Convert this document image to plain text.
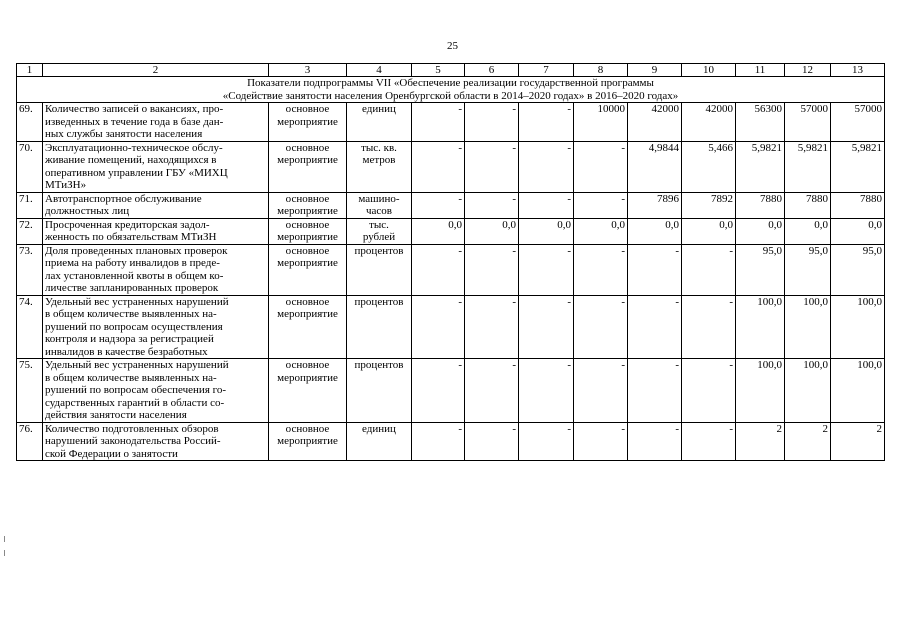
25
1	2	3	4	5	6	7	8	9	10	11	12	13

Показатели подпрограммы VII «Обеспечение реализации государственной программы
«Содействие занятости населения Оренбургской области в 2014–2020 годах» в 2016–2020 годах»												

69.	Количество записей о вакансиях, про-
изведенных в течение года в базе дан-
ных службы занятости населения	основное
мероприятие	единиц	-	-	-	10000	42000	42000	56300	57000	57000
70.	Эксплуатационно-техническое обслу-
живание помещений, находящихся в
оперативном управлении ГБУ «МИХЦ
МТиЗН»	основное
мероприятие	тыс. кв.
метров	-	-	-	-	4,9844	5,466	5,9821	5,9821	5,9821
71.	Автотранспортное обслуживание
должностных лиц	основное
мероприятие	машино-
часов	-	-	-	-	7896	7892	7880	7880	7880
72.	Просроченная кредиторская задол-
женность по обязательствам МТиЗН	основное
мероприятие	тыс.
рублей	0,0	0,0	0,0	0,0	0,0	0,0	0,0	0,0	0,0
73.	Доля проведенных плановых проверок
приема на работу инвалидов в преде-
лах установленной квоты в общем ко-
личестве запланированных проверок	основное
мероприятие	процентов	-	-	-	-	-	-	95,0	95,0	95,0
74.	Удельный вес устраненных нарушений
в общем количестве выявленных на-
рушений по вопросам осуществления
контроля и надзора за регистрацией
инвалидов в качестве безработных	основное
мероприятие	процентов	-	-	-	-	-	-	100,0	100,0	100,0
75.	Удельный вес устраненных нарушений
в общем количестве выявленных на-
рушений по вопросам обеспечения го-
сударственных гарантий в области со-
действия занятости населения	основное
мероприятие	процентов	-	-	-	-	-	-	100,0	100,0	100,0
76.	Количество подготовленных обзоров
нарушений законодательства Россий-
ской Федерации о занятости	основное
мероприятие	единиц	-	-	-	-	-	-	2	2	2
